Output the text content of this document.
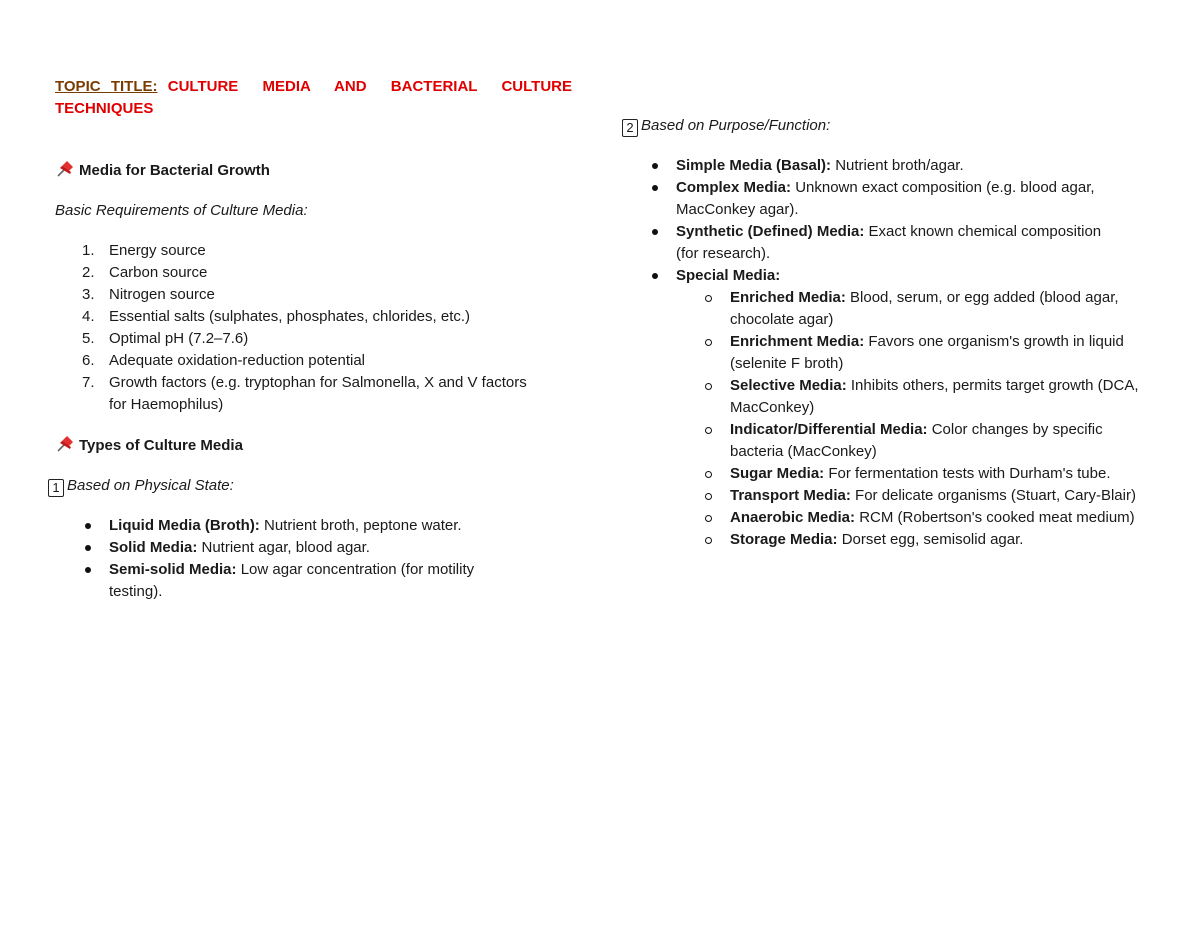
TOPIC TITLE: CULTURE MEDIA AND BACTERIAL CULTURE TECHNIQUES
Media for Bacterial Growth
Basic Requirements of Culture Media:
1. Energy source
2. Carbon source
3. Nitrogen source
4. Essential salts (sulphates, phosphates, chlorides, etc.)
5. Optimal pH (7.2–7.6)
6. Adequate oxidation-reduction potential
7. Growth factors (e.g. tryptophan for Salmonella, X and V factors for Haemophilus)
Types of Culture Media
1 Based on Physical State:
Liquid Media (Broth): Nutrient broth, peptone water.
Solid Media: Nutrient agar, blood agar.
Semi-solid Media: Low agar concentration (for motility testing).
2 Based on Purpose/Function:
Simple Media (Basal): Nutrient broth/agar.
Complex Media: Unknown exact composition (e.g. blood agar, MacConkey agar).
Synthetic (Defined) Media: Exact known chemical composition (for research).
Special Media:
Enriched Media: Blood, serum, or egg added (blood agar, chocolate agar)
Enrichment Media: Favors one organism's growth in liquid (selenite F broth)
Selective Media: Inhibits others, permits target growth (DCA, MacConkey)
Indicator/Differential Media: Color changes by specific bacteria (MacConkey)
Sugar Media: For fermentation tests with Durham's tube.
Transport Media: For delicate organisms (Stuart, Cary-Blair)
Anaerobic Media: RCM (Robertson's cooked meat medium)
Storage Media: Dorset egg, semisolid agar.
